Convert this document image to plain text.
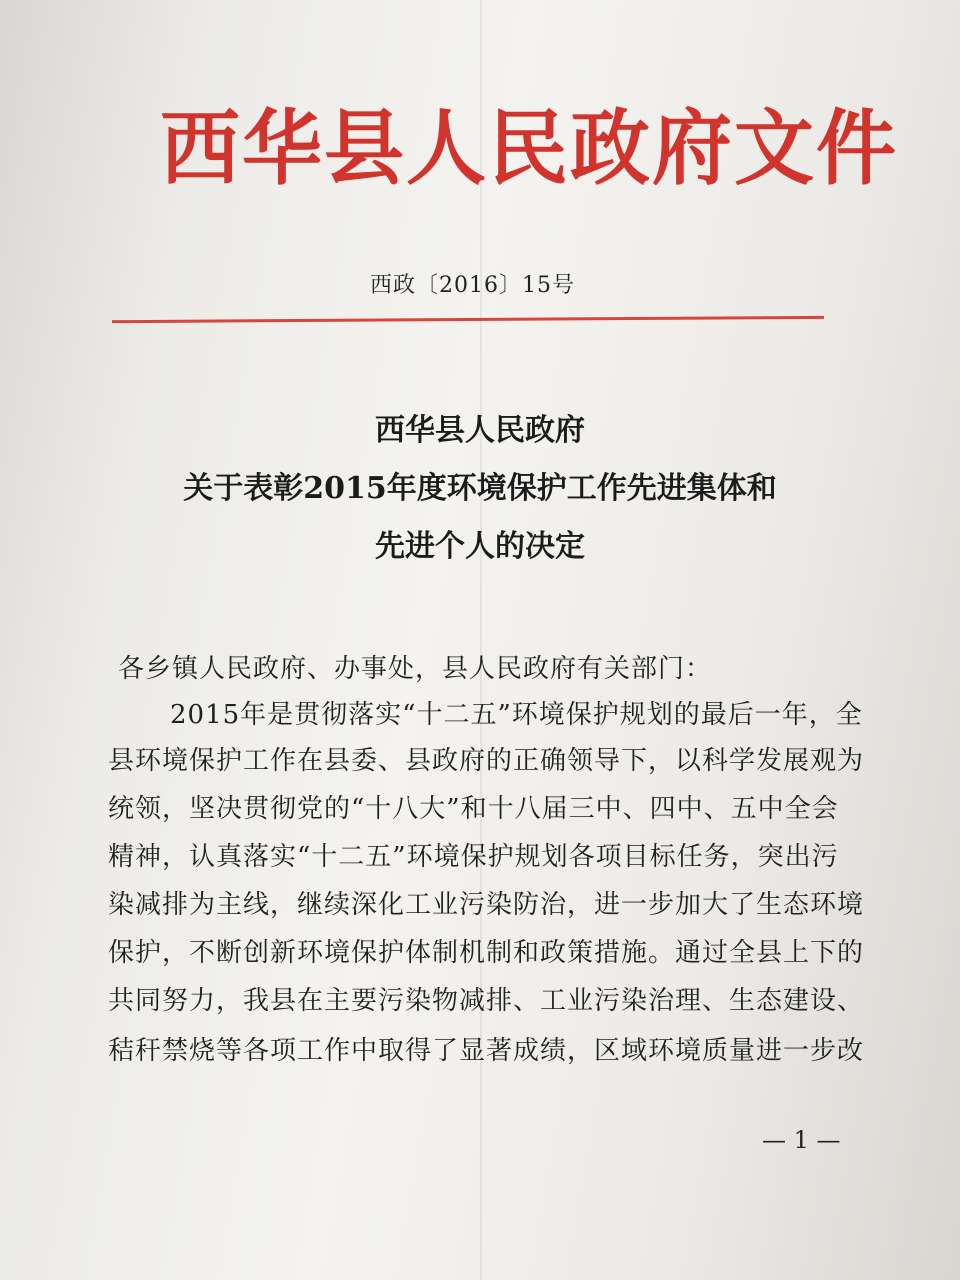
西华县人民政府文件
西政〔2016〕15号
西华县人民政府
关于表彰2015年度环境保护工作先进集体和
先进个人的决定
各乡镇人民政府、办事处，县人民政府有关部门：
2015年是贯彻落实“十二五”环境保护规划的最后一年，全
县环境保护工作在县委、县政府的正确领导下，以科学发展观为
统领，坚决贯彻党的“十八大”和十八届三中、四中、五中全会
精神，认真落实“十二五”环境保护规划各项目标任务，突出污
染减排为主线，继续深化工业污染防治，进一步加大了生态环境
保护，不断创新环境保护体制机制和政策措施。通过全县上下的
共同努力，我县在主要污染物减排、工业污染治理、生态建设、
秸秆禁烧等各项工作中取得了显著成绩，区域环境质量进一步改
— 1 —
